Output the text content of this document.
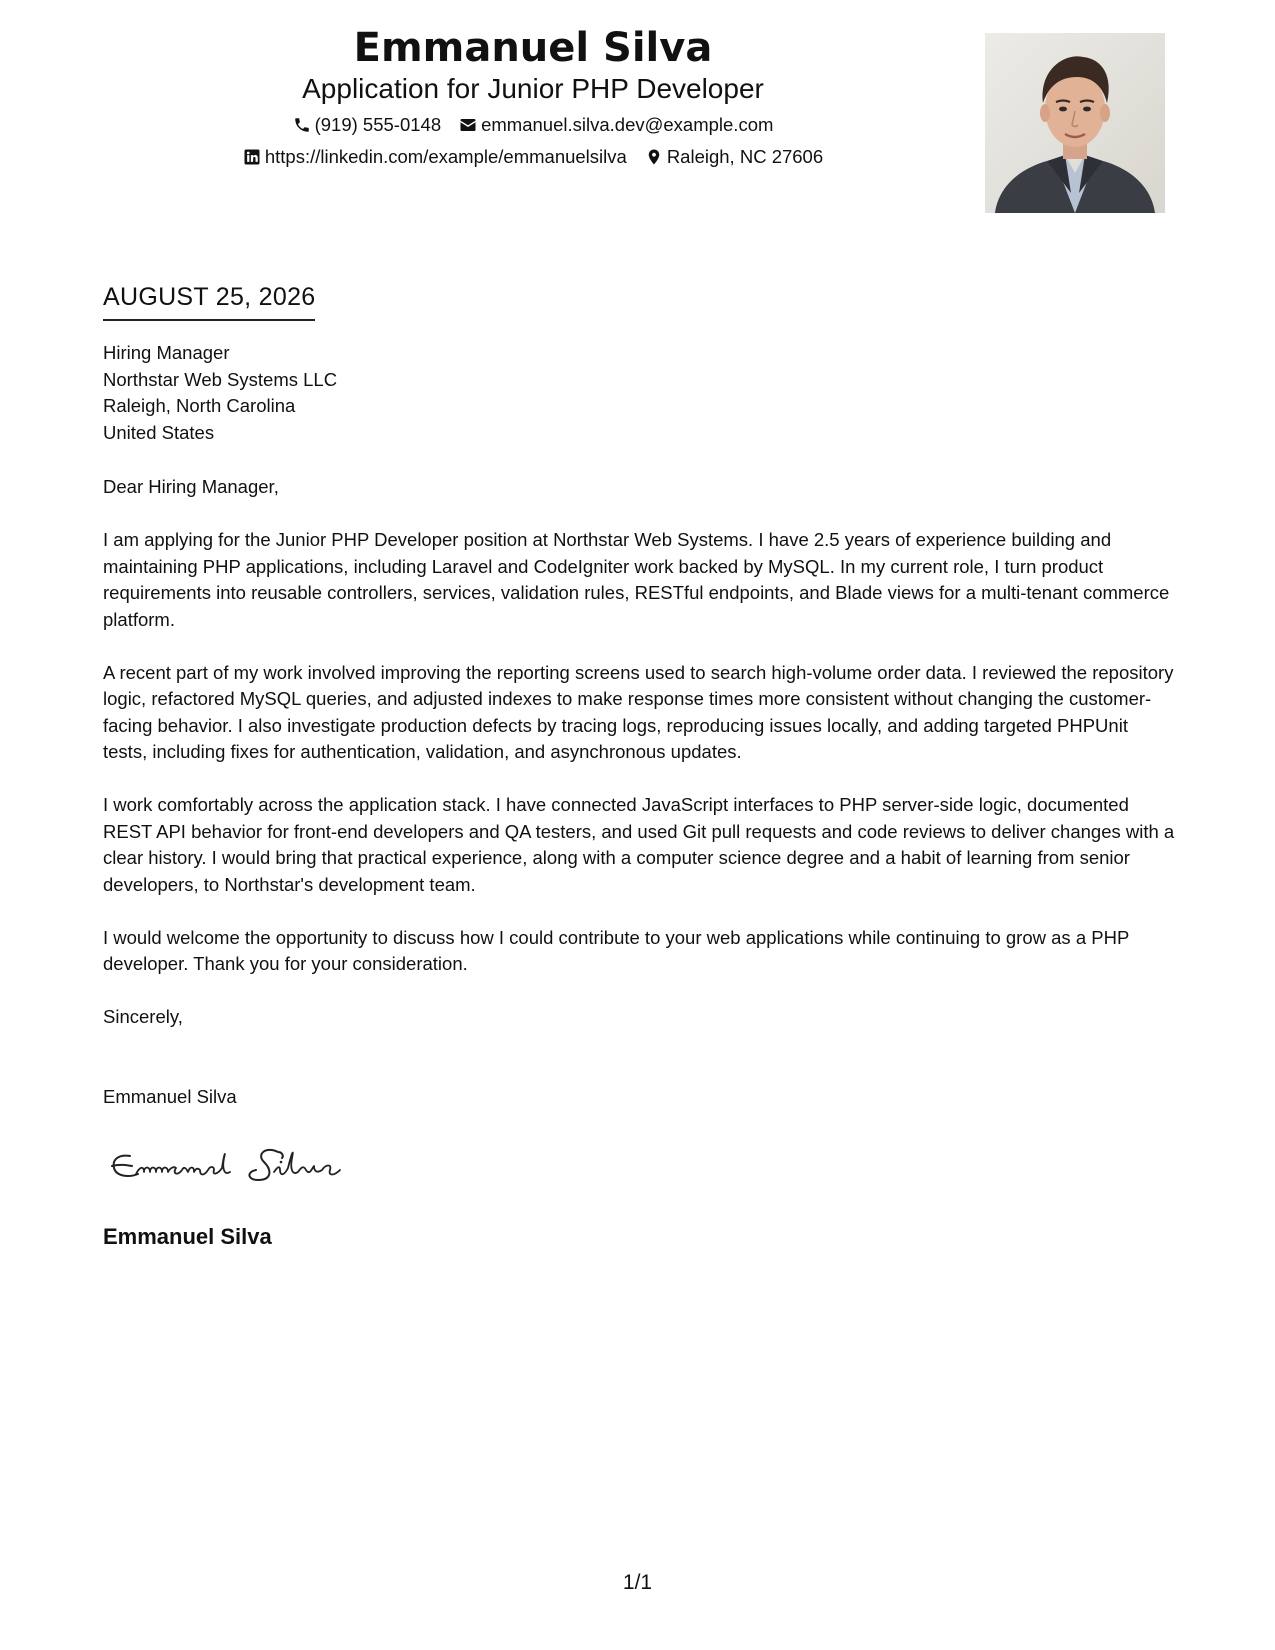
Emmanuel Silva
Application for Junior PHP Developer
(919) 555-0148 emmanuel.silva.dev@example.com
https://linkedin.com/example/emmanuelsilva Raleigh, NC 27606
AUGUST 25, 2026
Hiring Manager
Northstar Web Systems LLC
Raleigh, North Carolina
United States

Dear Hiring Manager,

I am applying for the Junior PHP Developer position at Northstar Web Systems. I have 2.5 years of experience building and maintaining PHP applications, including Laravel and CodeIgniter work backed by MySQL. In my current role, I turn product requirements into reusable controllers, services, validation rules, RESTful endpoints, and Blade views for a multi-tenant commerce platform.

A recent part of my work involved improving the reporting screens used to search high-volume order data. I reviewed the repository logic, refactored MySQL queries, and adjusted indexes to make response times more consistent without changing the customer-facing behavior. I also investigate production defects by tracing logs, reproducing issues locally, and adding targeted PHPUnit tests, including fixes for authentication, validation, and asynchronous updates.

I work comfortably across the application stack. I have connected JavaScript interfaces to PHP server-side logic, documented REST API behavior for front-end developers and QA testers, and used Git pull requests and code reviews to deliver changes with a clear history. I would bring that practical experience, along with a computer science degree and a habit of learning from senior developers, to Northstar's development team.

I would welcome the opportunity to discuss how I could contribute to your web applications while continuing to grow as a PHP developer. Thank you for your consideration.

Sincerely,

Emmanuel Silva

Emmanuel Silva
1/1
